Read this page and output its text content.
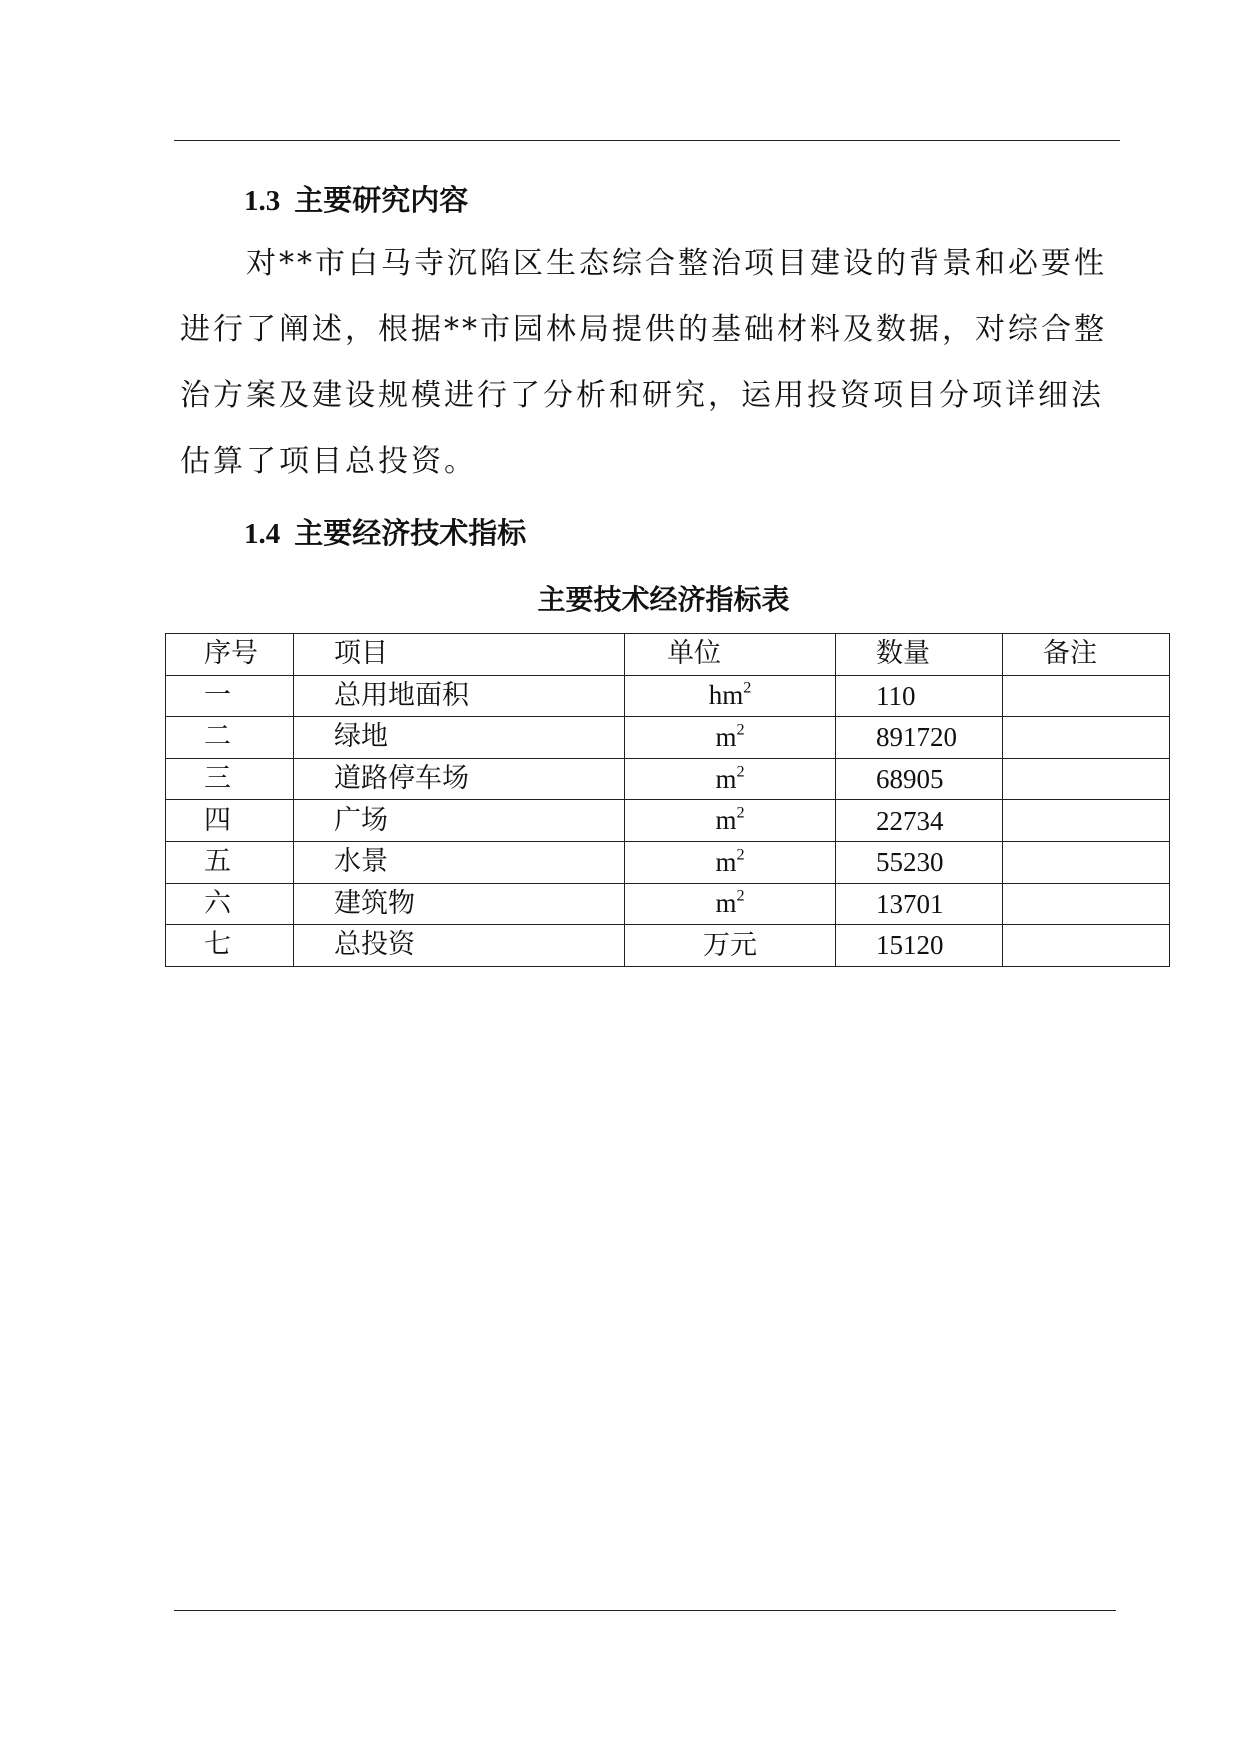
1.3 主要研究内容
　　对**市白马寺沉陷区生态综合整治项目建设的背景和必要性
进行了阐述，根据**市园林局提供的基础材料及数据，对综合整
治方案及建设规模进行了分析和研究，运用投资项目分项详细法
估算了项目总投资。
1.4 主要经济技术指标
主要技术经济指标表
序号	项目	单位	数量	备注
一	总用地面积	$hm^2$	110	
二	绿地	$m^2$	891720	
三	道路停车场	$m^2$	68905	
四	广场	$m^2$	22734	
五	水景	$m^2$	55230	
六	建筑物	$m^2$	13701	
七	总投资	万元	15120	
